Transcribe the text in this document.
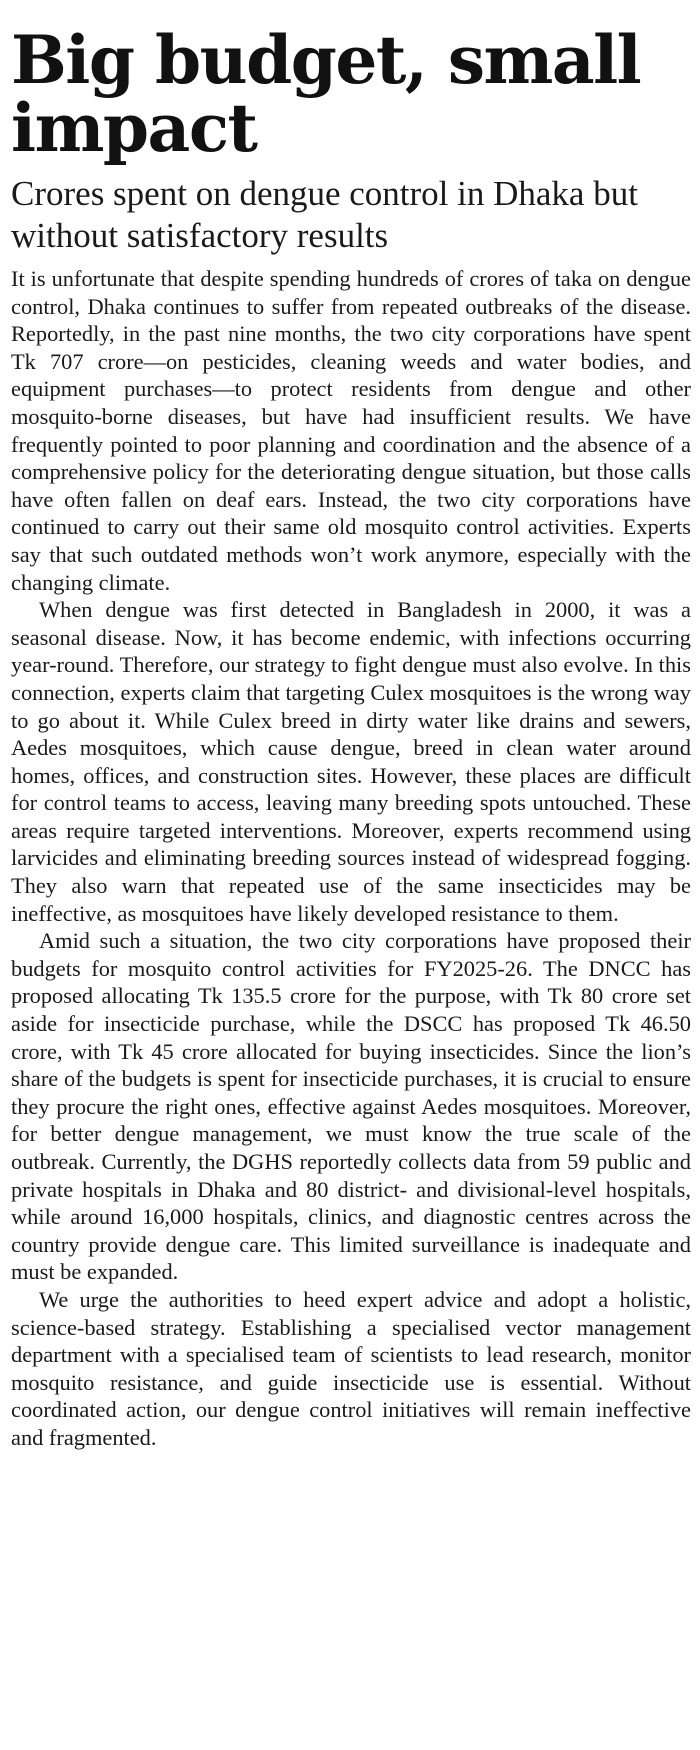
Big budget, small impact
Crores spent on dengue control in Dhaka but without satisfactory results

It is unfortunate that despite spending hundreds of crores of taka on dengue control, Dhaka continues to suffer from repeated outbreaks of the disease. Reportedly, in the past nine months, the two city corporations have spent Tk 707 crore—on pesticides, cleaning weeds and water bodies, and equipment purchases—to protect residents from dengue and other mosquito-borne diseases, but have had insufficient results. We have frequently pointed to poor planning and coordination and the absence of a comprehensive policy for the deteriorating dengue situation, but those calls have often fallen on deaf ears. Instead, the two city corporations have continued to carry out their same old mosquito control activities. Experts say that such outdated methods won’t work anymore, especially with the changing climate.

When dengue was first detected in Bangladesh in 2000, it was a seasonal disease. Now, it has become endemic, with infections occurring year-round. Therefore, our strategy to fight dengue must also evolve. In this connection, experts claim that targeting Culex mosquitoes is the wrong way to go about it. While Culex breed in dirty water like drains and sewers, Aedes mosquitoes, which cause dengue, breed in clean water around homes, offices, and construction sites. However, these places are difficult for control teams to access, leaving many breeding spots untouched. These areas require targeted interventions. Moreover, experts recommend using larvicides and eliminating breeding sources instead of widespread fogging. They also warn that repeated use of the same insecticides may be ineffective, as mosquitoes have likely developed resistance to them.

Amid such a situation, the two city corporations have proposed their budgets for mosquito control activities for FY2025-26. The DNCC has proposed allocating Tk 135.5 crore for the purpose, with Tk 80 crore set aside for insecticide purchase, while the DSCC has proposed Tk 46.50 crore, with Tk 45 crore allocated for buying insecticides. Since the lion’s share of the budgets is spent for insecticide purchases, it is crucial to ensure they procure the right ones, effective against Aedes mosquitoes. Moreover, for better dengue management, we must know the true scale of the outbreak. Currently, the DGHS reportedly collects data from 59 public and private hospitals in Dhaka and 80 district- and divisional-level hospitals, while around 16,000 hospitals, clinics, and diagnostic centres across the country provide dengue care. This limited surveillance is inadequate and must be expanded.

We urge the authorities to heed expert advice and adopt a holistic, science-based strategy. Establishing a specialised vector management department with a specialised team of scientists to lead research, monitor mosquito resistance, and guide insecticide use is essential. Without coordinated action, our dengue control initiatives will remain ineffective and fragmented.
